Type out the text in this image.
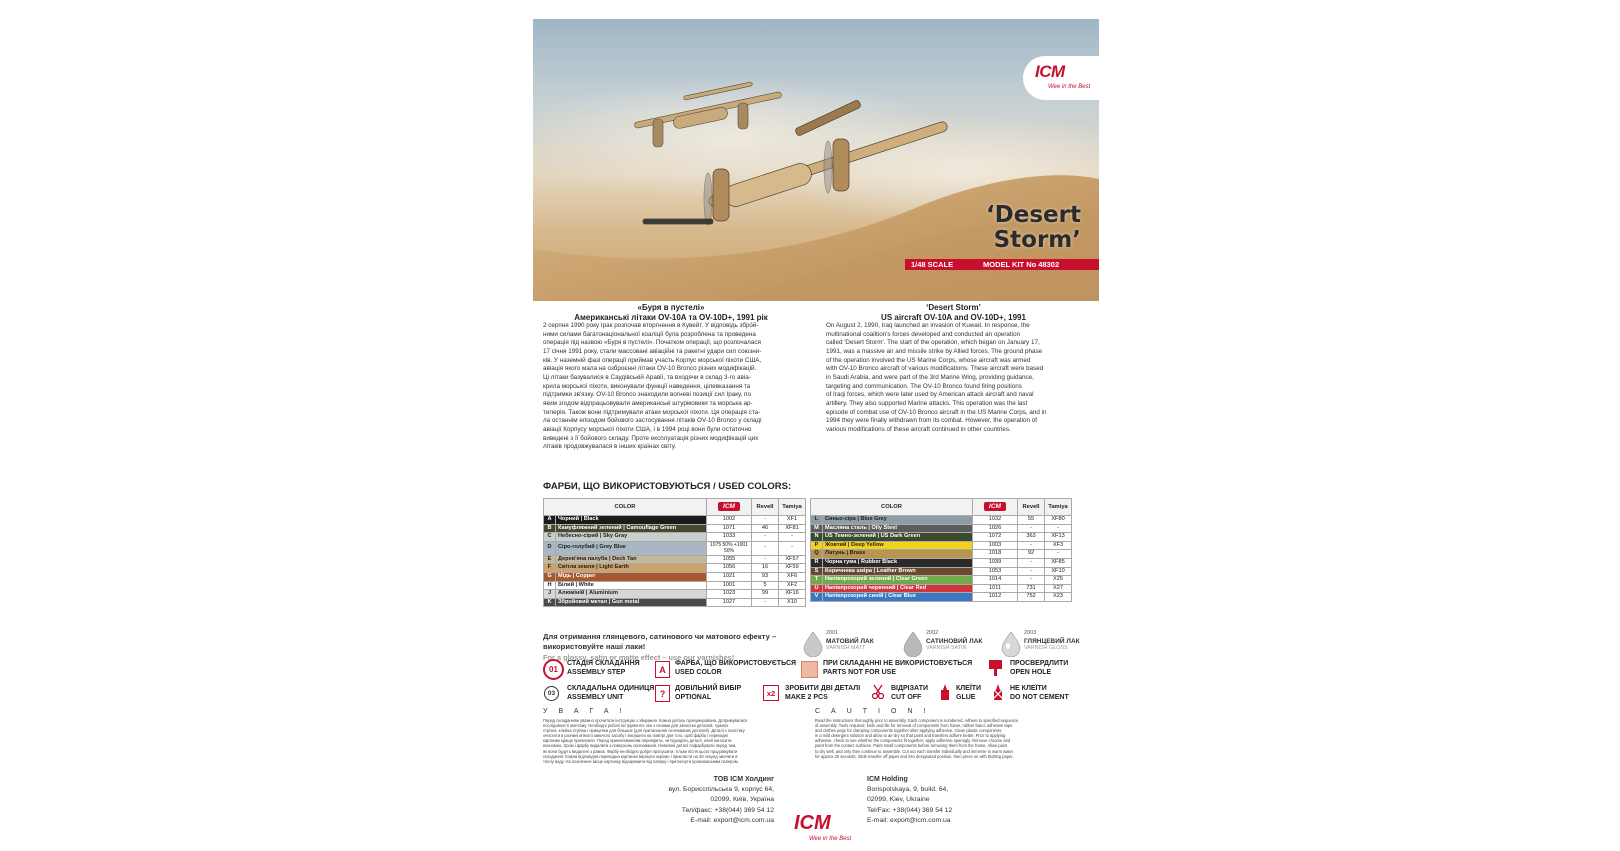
ICM
Wee in the Best
‘Desert
Storm’
1/48 SCALE	MODEL KIT No 48302
«Буря в пустелі»
Американські літаки OV-10A та OV-10D+, 1991 рік
2 серпня 1990 року Ірак розпочав вторгнення в Кувейт. У відповідь збрóй-
ними силами багатонаціональної коаліції була розроблена та проведена
операція під назвою «Буря в пустелі». Початком операції, що розпочалася
17 січня 1991 року, стали массовані авіаційні та ракетні удари сил союзни-
ків. У наземній фазі операції приймав участь Корпус морської піхоти США,
авіація якого мала на озброєнні літаки OV-10 Bronco різних модифікацій.
Ці літаки базувалися в Саудівській Аравії, та входячи в склад 3-го авіа-
крила морської піхоти, виконували функції наведення, цілевказання та
підтримки зв'язку. OV-10 Bronco знаходили вогневі позиції сил Іраку, по
яким згодом відпрацьовували американські штурмовики та морська ар-
тилерія. Також вони підтримували атаки морської піхоти. Ця операція ста-
ла останнім епізодом бойового застосування літаків OV-10 Bronco у складі
авіації Корпусу морської піхоти США, і в 1994 році вони були остаточно
виведені з її бойового складу. Проте експлуатація різних модифікацій цих
літаків продовжувалася в інших країнах світу.
‘Desert Storm’
US aircraft OV-10A and OV-10D+, 1991
On August 2, 1990, Iraq launched an invasion of Kuwait. In response, the
multinational coalition's forces developed and conducted an operation
called 'Desert Storm'. The start of the operation, which began on January 17,
1991, was a massive air and missile strike by Allied forces. The ground phase
of the operation involved the US Marine Corps, whose aircraft was armed
with OV-10 Bronco aircraft of various modifications. These aircraft were based
in Saudi Arabia, and were part of the 3rd Marine Wing, providing guidance,
targeting and communication. The OV-10 Bronco found firing positions
of Iraqi forces, which were later used by American attack aircraft and naval
artillery. They also supported Marine attacks. This operation was the last
episode of combat use of OV-10 Bronco aircraft in the US Marine Corps, and in
1994 they were finally withdrawn from its combat. However, the operation of
various modifications of these aircraft continued in other countries.
ФАРБИ, ЩО ВИКОРИСТОВУЮТЬСЯ / USED COLORS:
COLOR		ICM	Revell	Tamiya
A	Чорний | Black	1002	-	XF1
B	Камуфляжний зелений | Camouflage Green	1071	46	XF81
C	Небесно-сірий | Sky Gray	1033	-	-
D	Сіро-голубий | Grey Blue	1075 50% +1001 50%	-	-
E	Дерев'яна палуба | Deck Tan	1055	-	XF57
F	Світла земля | Light Earth	1056	16	XF59
G	Мідь | Copper	1021	93	XF6
H	Білий | White	1001	5	XF2
J	Алюміній | Aluminium	1023	99	XF16
K	Збройовий метал | Gun metal	1027	-	X10
COLOR		ICM	Revell	Tamiya
L	Синьо-сіра | Blue Grey	1032	55	XF80
M	Масляна сталь | Oily Steel	1026	-	-
N	US Темно-зелений | US Dark Green	1072	363	XF13
P	Жовтий | Deep Yellow	1003	-	XF3
Q	Латунь | Brass	1018	92	-
R	Чорна гума | Rubber Black	1039	-	XF85
S	Коричнева шкіра | Leather Brown	1053	-	XF10
T	Напівпрозорий зелений | Clear Green	1014	-	X25
U	Напівпрозорий червоний | Clear Red	1011	731	X27
V	Напівпрозорий синій | Clear Blue	1012	752	X23
Для отримання глянцевого, сатинового чи матового ефекту –
використовуйте наші лаки!
For a glossy, satin or matte effect – use our varnishes!
2001
МАТОВИЙ ЛАК
VARNISH MATT
2002
САТИНОВИЙ ЛАК
VARNISH SATIN
2003
ГЛЯНЦЕВИЙ ЛАК
VARNISH GLOSS
01
СТАДІЯ СКЛАДАННЯ
ASSEMBLY STEP	A
ФАРБА, ЩО ВИКОРИСТОВУЄТЬСЯ
USED COLOR
ПРИ СКЛАДАННІ НЕ ВИКОРИСТОВУЄТЬСЯ
PARTS NOT FOR USE
ПРОСВЕРДЛИТИ
OPEN HOLE
03
СКЛАДАЛЬНА ОДИНИЦЯ
ASSEMBLY UNIT	?	ДОВІЛЬНИЙ ВИБІР
OPTIONAL	x2	ЗРОБИТИ ДВІ ДЕТАЛІ
MAKE 2 PCS
ВІДРІЗАТИ
CUT OFF
КЛЕЇТИ
GLUE
НЕ КЛЕЇТИ
DO NOT CEMENT
УВАГА!
Перед складанням уважно прочитати інструкцію з збирання. Кожна деталь пронумерована. Дотримуватися
послідовності монтажу. Необхідні робочі інструменти: ніж з лезами для зачистки деталей, гумова
стрічка, клейка стрічка і прищепки для більших (для притискання склеюваних деталей). Деталі з пластику
очистити в розчині м'якого миючого засобу і висушити на повітрі для того, щоб фарба і перекидні
картинки краще прилипали. Перед приклеюванням перевірити, чи підходять деталі, клей наносити
економно. Хром і фарбу видалити з поверхонь склеювання. Невеликі деталі пофарбувати перед тим,
як вони будуть видалені з рамок. Фарбу необхідно добре просушити, тільки після цього продовжувати
складання. Кожна відповідна переводна картинка вирізати окремо і прикласти на 20 секунд змочити в
теплу воду. На позначене місце картинку відокремити від паперу і притиснути промокальним папером.
CAUTION!
Read the instructions thoroughly prior to assembly. Each component is numbered. Adhere to specified sequence
of assembly. Tools required: knife and file for removal of components from frame, rubber band, adhesive tape
and clothes pegs for clamping components together after applying adhesive. Clean plastic components
in a mild detergent solution and allow to air-dry so that paint and transfers adhere better. Prior to applying
adhesive, check to see whether the components fit together; apply adhesive sparingly. Remove chrome and
paint from the contact surfaces. Paint small components before removing them from the frame. Allow paint
to dry well, and only then continue to assemble. Cut out each transfer individually and immerse in warm water
for approx 20 seconds. Slide transfer off paper and into designated position, then press on with blotting paper.
ТОВ ICM Холдинг
вул. Борисспільська 9, корпус 64,
02099, Київ, Україна
Тел/факс: +38(044) 369 54 12
E-mail: export@icm.com.ua ICM
Wee in the Best
ICM Holding
Borispolskaya, 9, build. 64,
02099, Kiev, Ukraine
Tel/Fax: +38(044) 369 54 12
E-mail: export@icm.com.ua
